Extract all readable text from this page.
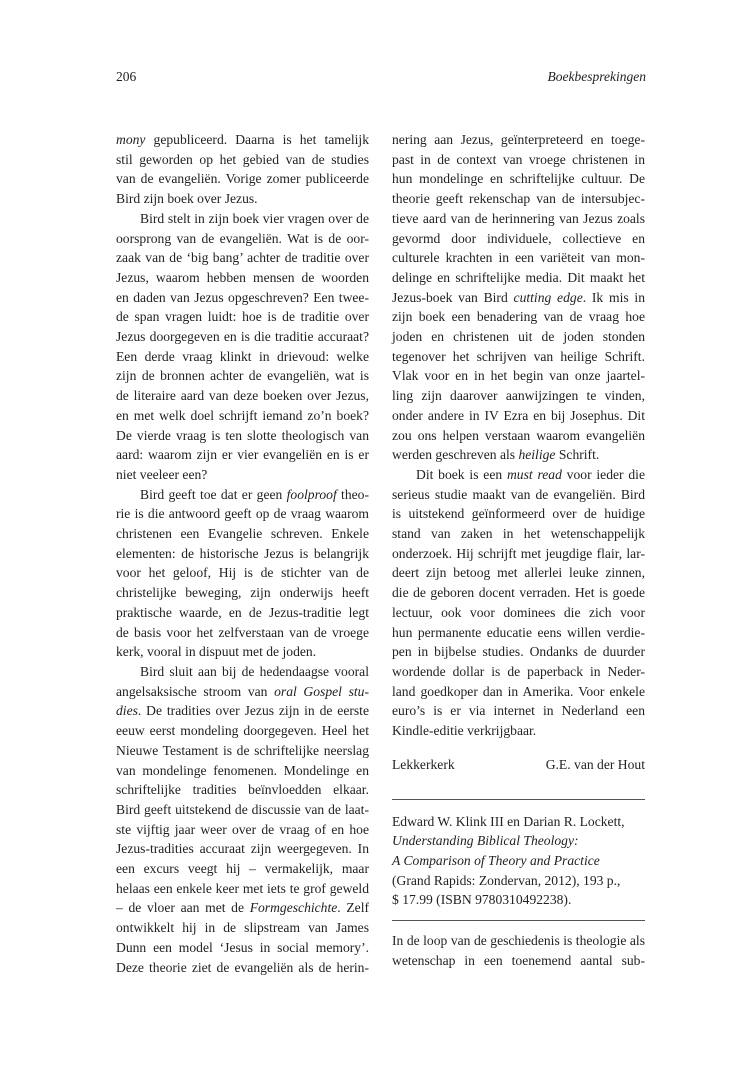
206	Boekbesprekingen
mony gepubliceerd. Daarna is het tamelijk
stil geworden op het gebied van de studies
van de evangeliën. Vorige zomer publiceerde
Bird zijn boek over Jezus.
Bird stelt in zijn boek vier vragen over de
oorsprong van de evangeliën. Wat is de oor-
zaak van de ‘big bang’ achter de traditie over
Jezus, waarom hebben mensen de woorden
en daden van Jezus opgeschreven? Een twee-
de span vragen luidt: hoe is de traditie over
Jezus doorgegeven en is die traditie accuraat?
Een derde vraag klinkt in drievoud: welke
zijn de bronnen achter de evangeliën, wat is
de literaire aard van deze boeken over Jezus,
en met welk doel schrijft iemand zo’n boek?
De vierde vraag is ten slotte theologisch van
aard: waarom zijn er vier evangeliën en is er
niet veeleer een?
Bird geeft toe dat er geen foolproof theo-
rie is die antwoord geeft op de vraag waarom
christenen een Evangelie schreven. Enkele
elementen: de historische Jezus is belangrijk
voor het geloof, Hij is de stichter van de
christelijke beweging, zijn onderwijs heeft
praktische waarde, en de Jezus-traditie legt
de basis voor het zelfverstaan van de vroege
kerk, vooral in dispuut met de joden.
Bird sluit aan bij de hedendaagse vooral
angelsaksische stroom van oral Gospel stu-
dies. De tradities over Jezus zijn in de eerste
eeuw eerst mondeling doorgegeven. Heel het
Nieuwe Testament is de schriftelijke neerslag
van mondelinge fenomenen. Mondelinge en
schriftelijke tradities beïnvloedden elkaar.
Bird geeft uitstekend de discussie van de laat-
ste vijftig jaar weer over de vraag of en hoe
Jezus-tradities accuraat zijn weergegeven. In
een excurs veegt hij – vermakelijk, maar
helaas een enkele keer met iets te grof geweld
– de vloer aan met de Formgeschichte. Zelf
ontwikkelt hij in de slipstream van James
Dunn een model ‘Jesus in social memory’.
Deze theorie ziet de evangeliën als de herin-
nering aan Jezus, geïnterpreteerd en toege-
past in de context van vroege christenen in
hun mondelinge en schriftelijke cultuur. De
theorie geeft rekenschap van de intersubjec-
tieve aard van de herinnering van Jezus zoals
gevormd door individuele, collectieve en
culturele krachten in een variëteit van mon-
delinge en schriftelijke media. Dit maakt het
Jezus-boek van Bird cutting edge. Ik mis in
zijn boek een benadering van de vraag hoe
joden en christenen uit de joden stonden
tegenover het schrijven van heilige Schrift.
Vlak voor en in het begin van onze jaartel-
ling zijn daarover aanwijzingen te vinden,
onder andere in IV Ezra en bij Josephus. Dit
zou ons helpen verstaan waarom evangeliën
werden geschreven als heilige Schrift.
Dit boek is een must read voor ieder die
serieus studie maakt van de evangeliën. Bird
is uitstekend geïnformeerd over de huidige
stand van zaken in het wetenschappelijk
onderzoek. Hij schrijft met jeugdige flair, lar-
deert zijn betoog met allerlei leuke zinnen,
die de geboren docent verraden. Het is goede
lectuur, ook voor dominees die zich voor
hun permanente educatie eens willen verdie-
pen in bijbelse studies. Ondanks de duurder
wordende dollar is de paperback in Neder-
land goedkoper dan in Amerika. Voor enkele
euro’s is er via internet in Nederland een
Kindle-editie verkrijgbaar.
Lekkerkerk	G.E. van der Hout
Edward W. Klink III en Darian R. Lockett,
Understanding Biblical Theology:
A Comparison of Theory and Practice
(Grand Rapids: Zondervan, 2012), 193 p.,
$ 17.99 (ISBN 9780310492238).
In de loop van de geschiedenis is theologie als
wetenschap in een toenemend aantal sub-
